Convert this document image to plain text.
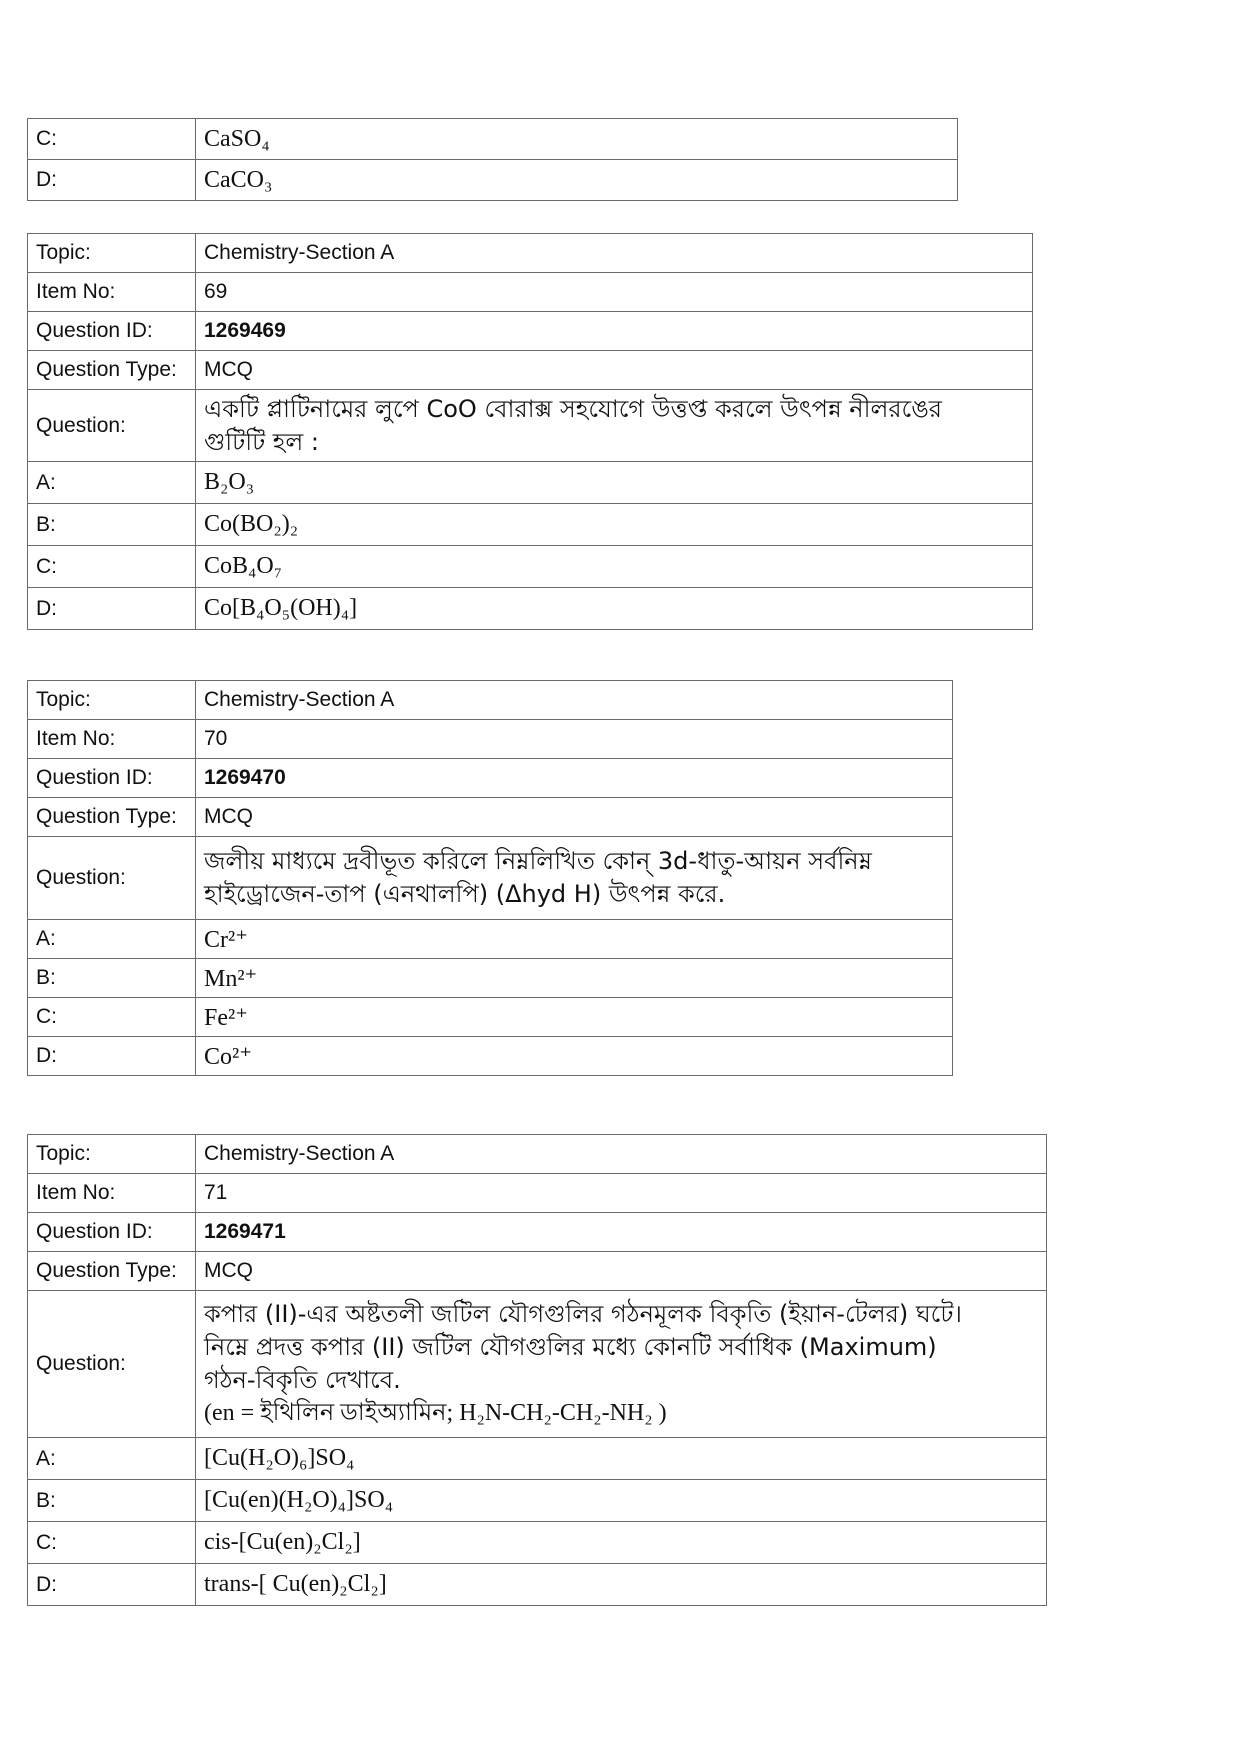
C:	CaSO₄
D:	CaCO₃
Topic:	Chemistry-Section A
Item No:	69
Question ID:	1269469
Question Type:	MCQ
Question:	একটি প্লাটিনামের লুপে CoO বোরাক্স সহযোগে উত্তপ্ত করলে উৎপন্ন নীলরঙের
গুটিটি হল :

A:	B₂O₃
B:	Co(BO₂)₂
C:	CoB₄O₇
D:	Co[B₄O₅(OH)₄]
Topic:	Chemistry-Section A
Item No:	70
Question ID:	1269470
Question Type:	MCQ
Question:	জলীয় মাধ্যমে দ্রবীভূত করিলে নিম্নলিখিত কোন্ 3d-ধাতু-আয়ন সর্বনিম্ন
হাইড্রোজেন-তাপ (এনথালপি) (Δhyd H) উৎপন্ন করে.

A:	Cr²⁺
B:	Mn²⁺
C:	Fe²⁺
D:	Co²⁺
Topic:	Chemistry-Section A
Item No:	71
Question ID:	1269471
Question Type:	MCQ
Question:	কপার (II)-এর অষ্টতলী জটিল যৌগগুলির গঠনমূলক বিকৃতি (ইয়ান-টেলর) ঘটে।
নিম্নে প্রদত্ত কপার (II) জটিল যৌগগুলির মধ্যে কোনটি সর্বাধিক (Maximum)
গঠন-বিকৃতি দেখাবে.
(en = ইথিলিন ডাইঅ্যামিন; H₂N-CH₂-CH₂-NH₂ )

A:	[Cu(H₂O)₆]SO₄
B:	[Cu(en)(H₂O)₄]SO₄
C:	cis-[Cu(en)₂Cl₂]
D:	trans-[ Cu(en)₂Cl₂]
